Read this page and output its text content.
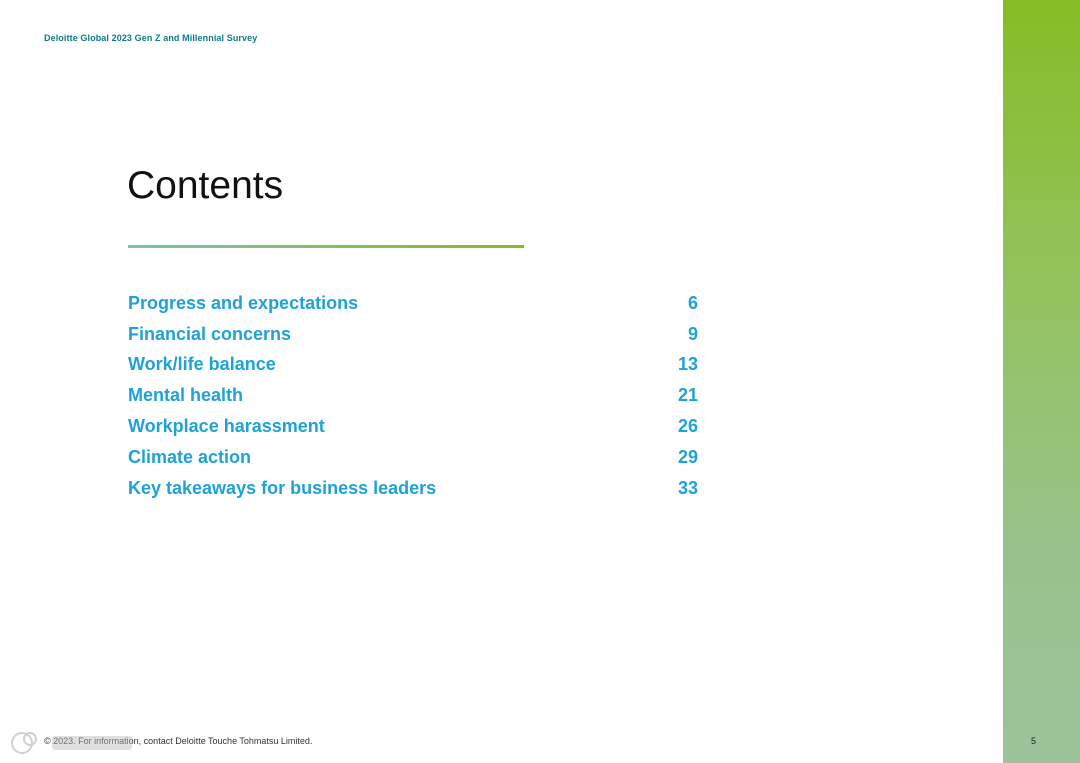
Deloitte Global 2023 Gen Z and Millennial Survey
Contents
Progress and expectations	6
Financial concerns	9
Work/life balance	13
Mental health	21
Workplace harassment	26
Climate action	29
Key takeaways for business leaders	33
© 2023. For information, contact Deloitte Touche Tohmatsu Limited.	5
